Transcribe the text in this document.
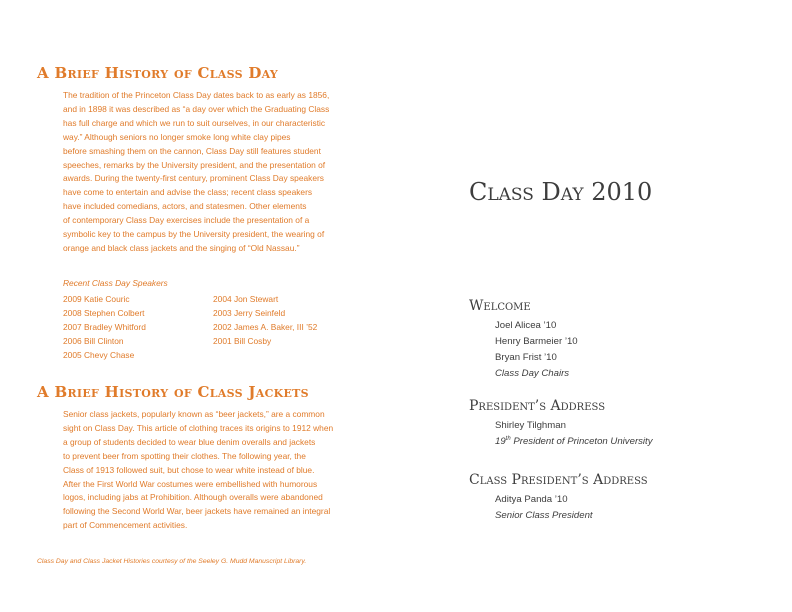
A Brief History of Class Day
The tradition of the Princeton Class Day dates back to as early as 1856,
and in 1898 it was described as “a day over which the Graduating Class
has full charge and which we run to suit ourselves, in our characteristic
way.” Although seniors no longer smoke long white clay pipes
before smashing them on the cannon, Class Day still features student
speeches, remarks by the University president, and the presentation of
awards. During the twenty-first century, prominent Class Day speakers
have come to entertain and advise the class; recent class speakers
have included comedians, actors, and statesmen. Other elements
of contemporary Class Day exercises include the presentation of a
symbolic key to the campus by the University president, the wearing of
orange and black class jackets and the singing of “Old Nassau.”
Recent Class Day Speakers
2009 Katie Couric	2004 Jon Stewart
2008 Stephen Colbert	2003 Jerry Seinfeld
2007 Bradley Whitford	2002 James A. Baker, III ’52
2006 Bill Clinton	2001 Bill Cosby
2005 Chevy Chase
A Brief History of Class Jackets
Senior class jackets, popularly known as “beer jackets,” are a common
sight on Class Day. This article of clothing traces its origins to 1912 when
a group of students decided to wear blue denim overalls and jackets
to prevent beer from spotting their clothes. The following year, the
Class of 1913 followed suit, but chose to wear white instead of blue.
After the First World War costumes were embellished with humorous
logos, including jabs at Prohibition. Although overalls were abandoned
following the Second World War, beer jackets have remained an integral
part of Commencement activities.
Class Day and Class Jacket Histories courtesy of the Seeley G. Mudd Manuscript Library.
Class Day 2010
Welcome
Joel Alicea ’10
Henry Barmeier ’10
Bryan Frist ’10
Class Day Chairs
President’s Address
Shirley Tilghman
19th President of Princeton University
Class President’s Address
Aditya Panda ’10
Senior Class President
